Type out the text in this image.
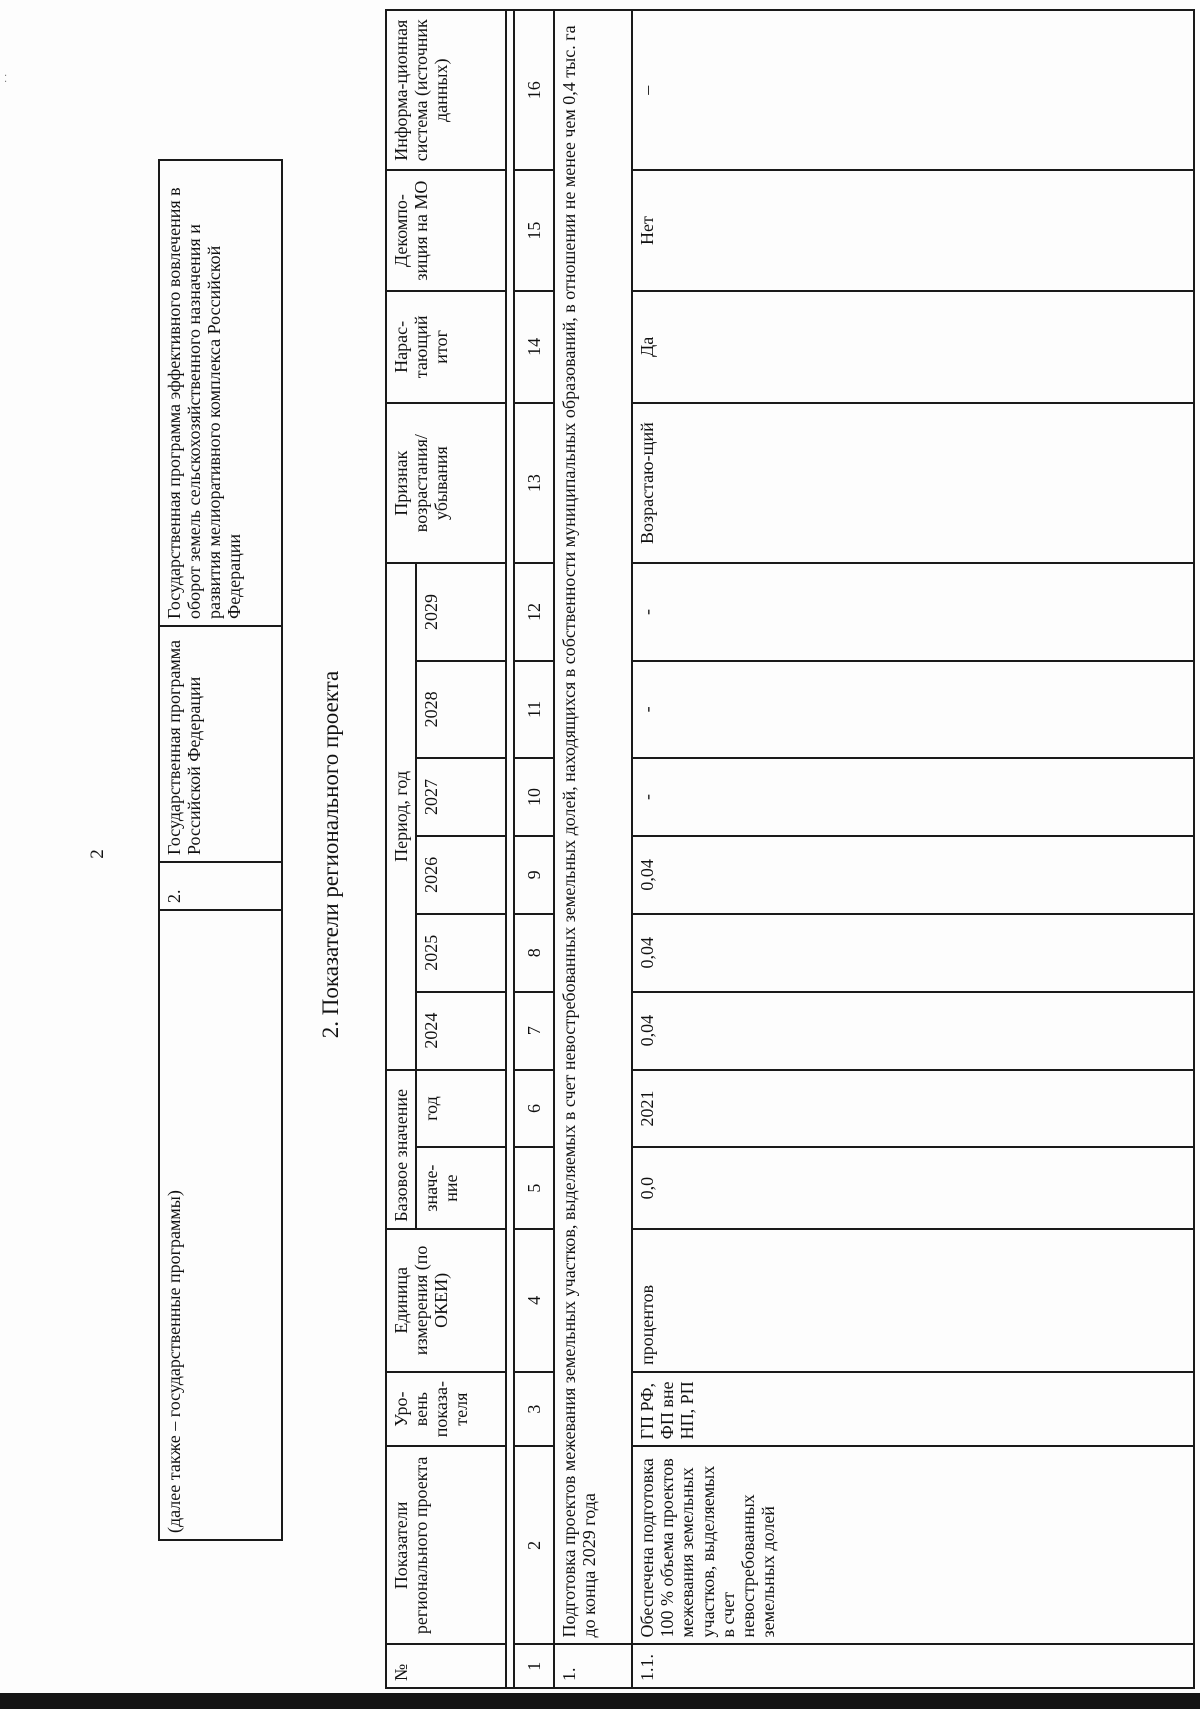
⁚
2
(далее также – государственные программы)	2.	Государственная программа Российской Федерации	Государственная программа эффективного вовлечения в оборот земель сельскохозяйственного назначения и развития мелиоративного комплекса Российской Федерации
2. Показатели регионального проекта
№	Показатели регионального проекта	Уро-вень показа-теля	Единица измерения (по ОКЕИ)	Базовое значение		Период, год						Признак возрастания/ убывания	Нарас-тающий итог	Декомпо-зиция на МО	Информа-ционная система (источник данных)
				значе-ние	год	2024	2025	2026	2027	2028	2029				

1	2	3	4	5	6	7	8	9	10	11	12	13	14	15	16
1.	Подготовка проектов межевания земельных участков, выделяемых в счет невостребованных земельных долей, находящихся в собственности муниципальных образований, в отношении не менее чем 0,4 тыс. га до конца 2029 года														
1.1.	Обеспечена подготовка 100 % объема проектов межевания земельных участков, выделяемых в счет невостребованных земельных долей	ГП РФ, ФП вне НП, РП	процентов	0,0	2021	0,04	0,04	0,04	-	-	-	Возрастаю-щий	Да	Нет	–
